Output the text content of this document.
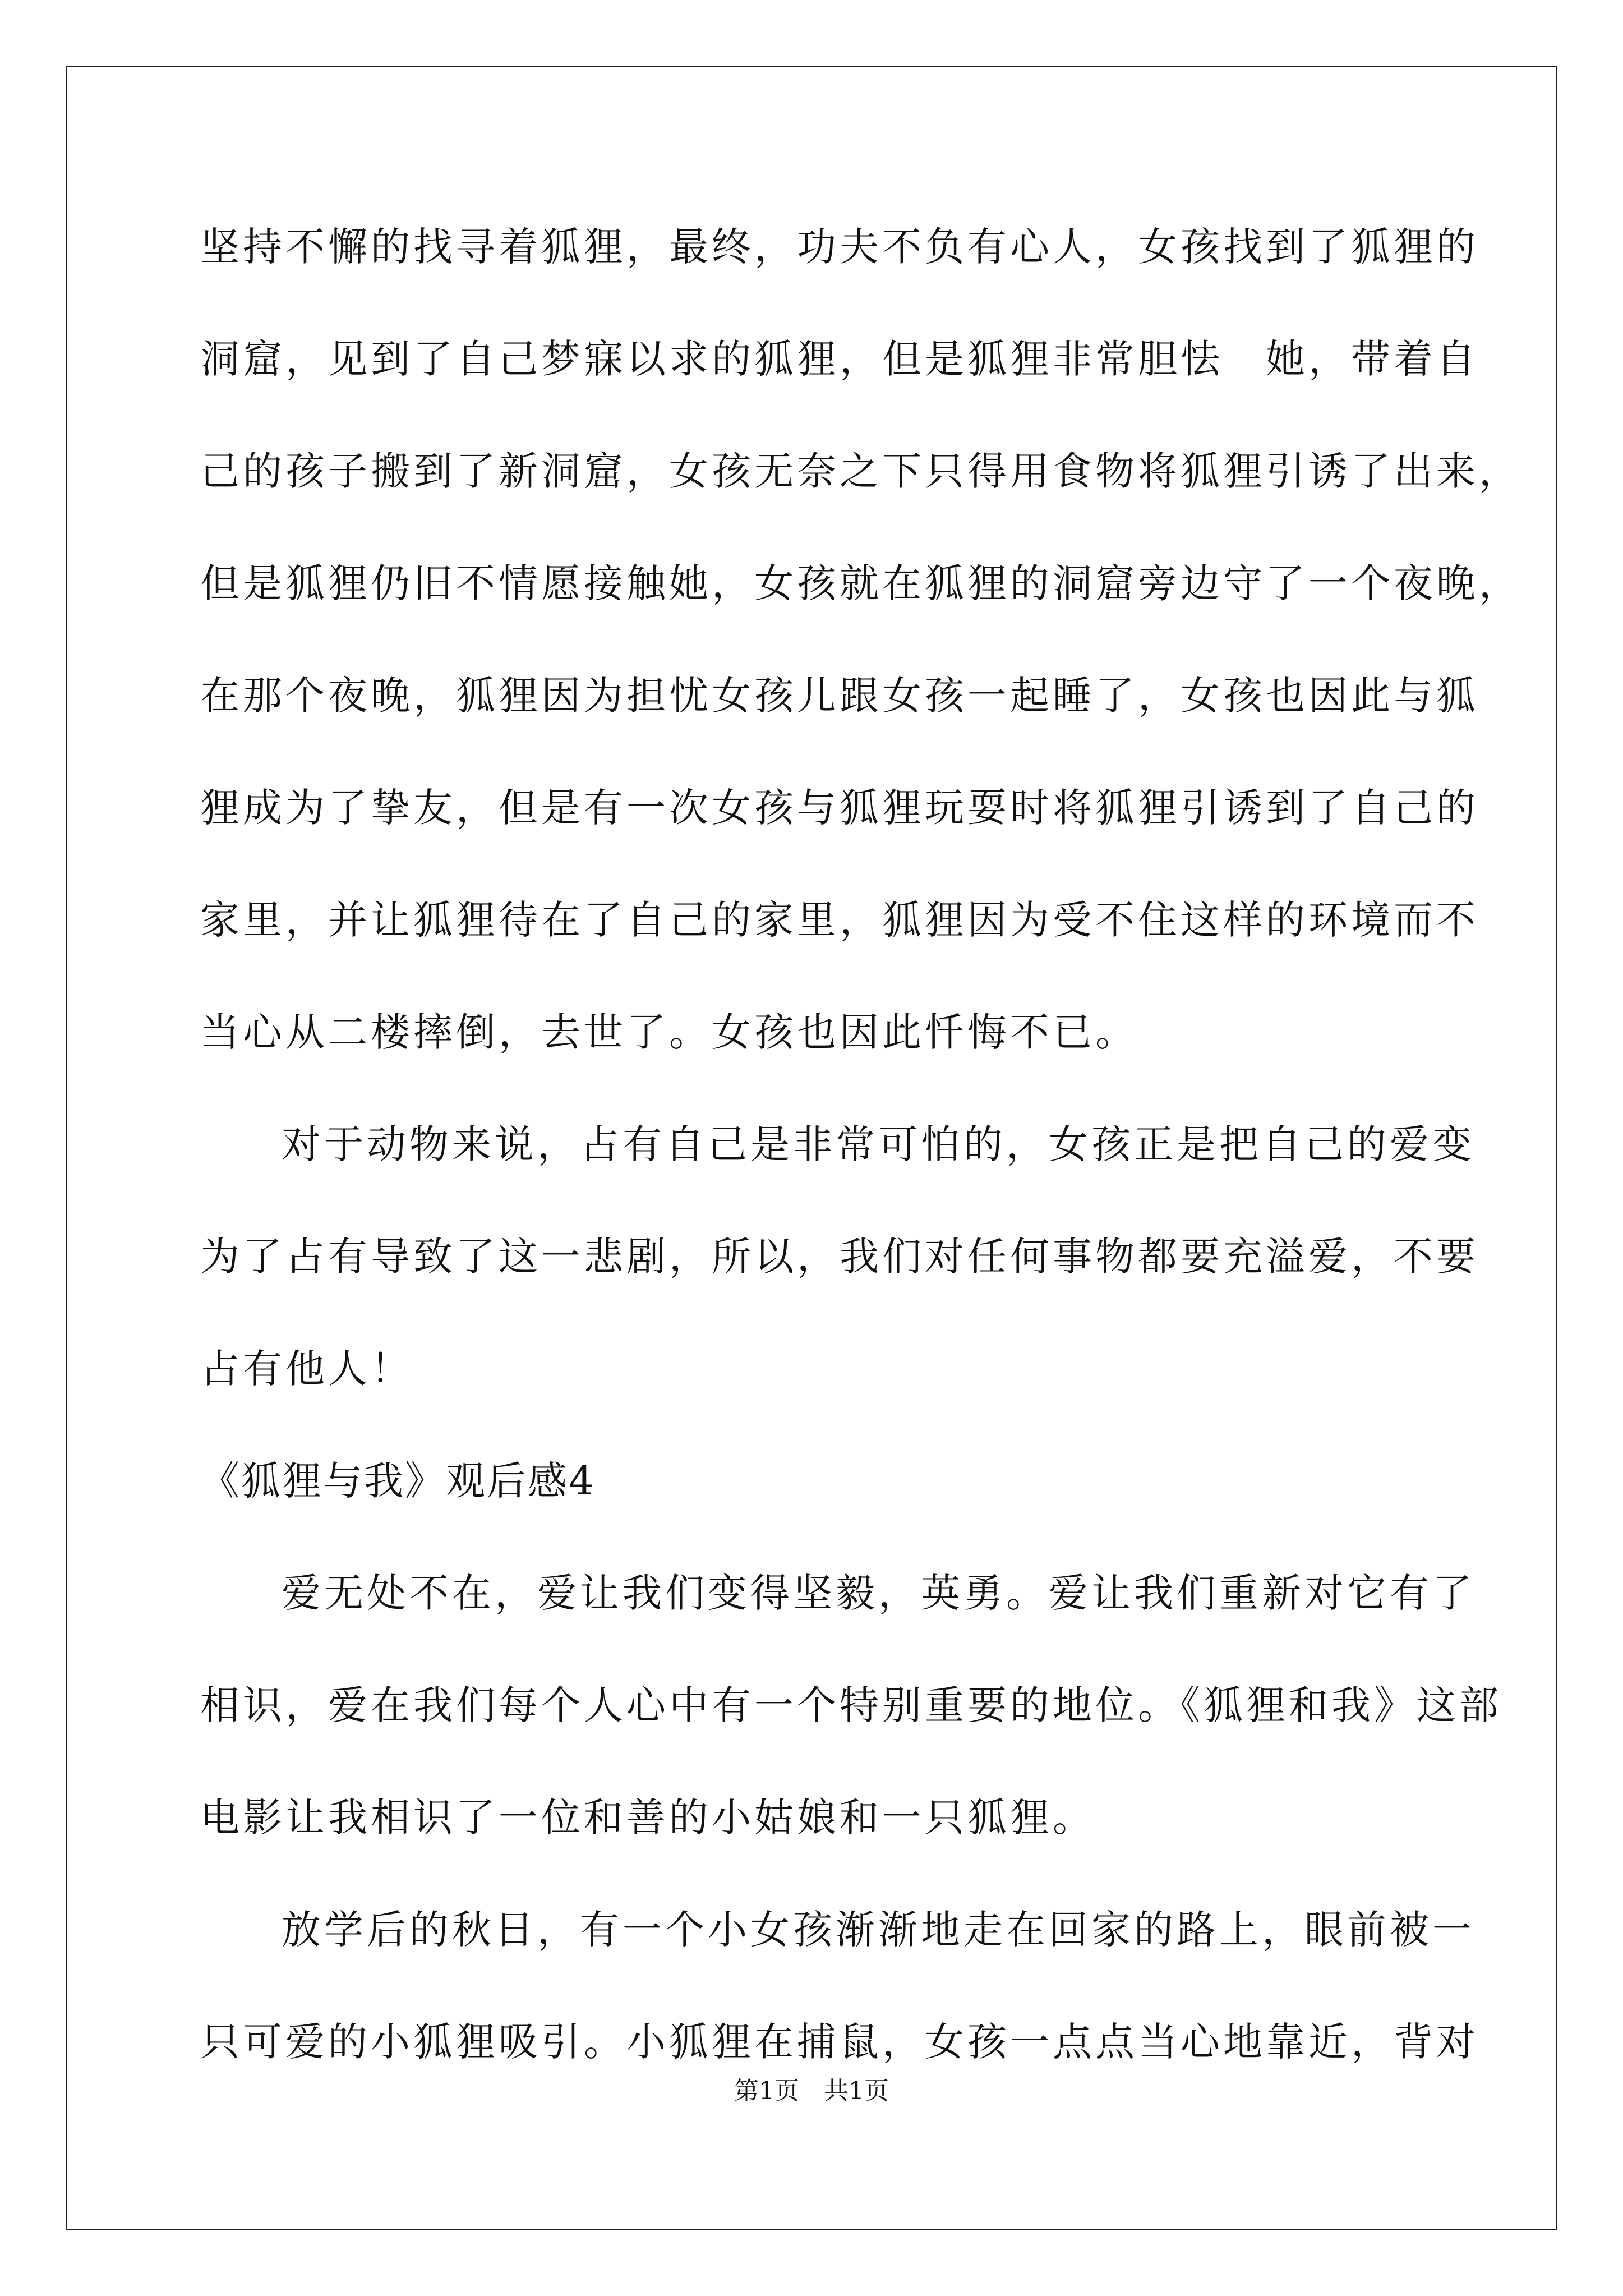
坚持不懈的找寻着狐狸，最终，功夫不负有心人，女孩找到了狐狸的
洞窟，见到了自己梦寐以求的狐狸，但是狐狸非常胆怯　她，带着自
己的孩子搬到了新洞窟，女孩无奈之下只得用食物将狐狸引诱了出来，
但是狐狸仍旧不情愿接触她，女孩就在狐狸的洞窟旁边守了一个夜晚，
在那个夜晚，狐狸因为担忧女孩儿跟女孩一起睡了，女孩也因此与狐
狸成为了挚友，但是有一次女孩与狐狸玩耍时将狐狸引诱到了自己的
家里，并让狐狸待在了自己的家里，狐狸因为受不住这样的环境而不
当心从二楼摔倒，去世了。女孩也因此忏悔不已。
对于动物来说，占有自己是非常可怕的，女孩正是把自己的爱变
为了占有导致了这一悲剧，所以，我们对任何事物都要充溢爱，不要
占有他人！
《狐狸与我》观后感4
爱无处不在，爱让我们变得坚毅，英勇。爱让我们重新对它有了
相识，爱在我们每个人心中有一个特别重要的地位。《狐狸和我》这部
电影让我相识了一位和善的小姑娘和一只狐狸。
放学后的秋日，有一个小女孩渐渐地走在回家的路上，眼前被一
只可爱的小狐狸吸引。小狐狸在捕鼠，女孩一点点当心地靠近，背对
第1页　共1页
